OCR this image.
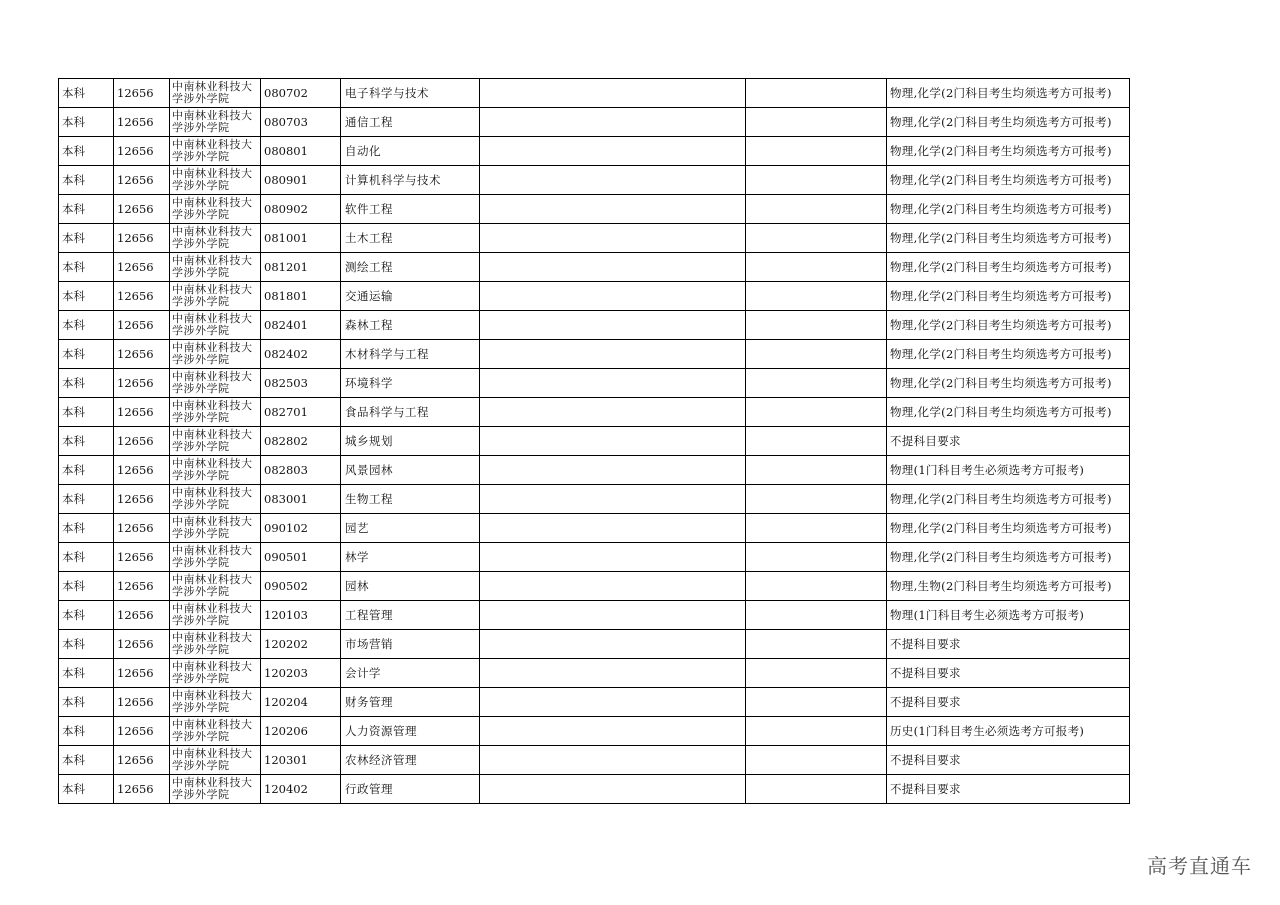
本科	12656	中南林业科技大学涉外学院	080702	电子科学与技术			物理,化学(2门科目考生均须选考方可报考)
本科	12656	中南林业科技大学涉外学院	080703	通信工程			物理,化学(2门科目考生均须选考方可报考)
本科	12656	中南林业科技大学涉外学院	080801	自动化			物理,化学(2门科目考生均须选考方可报考)
本科	12656	中南林业科技大学涉外学院	080901	计算机科学与技术			物理,化学(2门科目考生均须选考方可报考)
本科	12656	中南林业科技大学涉外学院	080902	软件工程			物理,化学(2门科目考生均须选考方可报考)
本科	12656	中南林业科技大学涉外学院	081001	土木工程			物理,化学(2门科目考生均须选考方可报考)
本科	12656	中南林业科技大学涉外学院	081201	测绘工程			物理,化学(2门科目考生均须选考方可报考)
本科	12656	中南林业科技大学涉外学院	081801	交通运输			物理,化学(2门科目考生均须选考方可报考)
本科	12656	中南林业科技大学涉外学院	082401	森林工程			物理,化学(2门科目考生均须选考方可报考)
本科	12656	中南林业科技大学涉外学院	082402	木材科学与工程			物理,化学(2门科目考生均须选考方可报考)
本科	12656	中南林业科技大学涉外学院	082503	环境科学			物理,化学(2门科目考生均须选考方可报考)
本科	12656	中南林业科技大学涉外学院	082701	食品科学与工程			物理,化学(2门科目考生均须选考方可报考)
本科	12656	中南林业科技大学涉外学院	082802	城乡规划			不提科目要求
本科	12656	中南林业科技大学涉外学院	082803	风景园林			物理(1门科目考生必须选考方可报考)
本科	12656	中南林业科技大学涉外学院	083001	生物工程			物理,化学(2门科目考生均须选考方可报考)
本科	12656	中南林业科技大学涉外学院	090102	园艺			物理,化学(2门科目考生均须选考方可报考)
本科	12656	中南林业科技大学涉外学院	090501	林学			物理,化学(2门科目考生均须选考方可报考)
本科	12656	中南林业科技大学涉外学院	090502	园林			物理,生物(2门科目考生均须选考方可报考)
本科	12656	中南林业科技大学涉外学院	120103	工程管理			物理(1门科目考生必须选考方可报考)
本科	12656	中南林业科技大学涉外学院	120202	市场营销			不提科目要求
本科	12656	中南林业科技大学涉外学院	120203	会计学			不提科目要求
本科	12656	中南林业科技大学涉外学院	120204	财务管理			不提科目要求
本科	12656	中南林业科技大学涉外学院	120206	人力资源管理			历史(1门科目考生必须选考方可报考)
本科	12656	中南林业科技大学涉外学院	120301	农林经济管理			不提科目要求
本科	12656	中南林业科技大学涉外学院	120402	行政管理			不提科目要求
高考直通车
